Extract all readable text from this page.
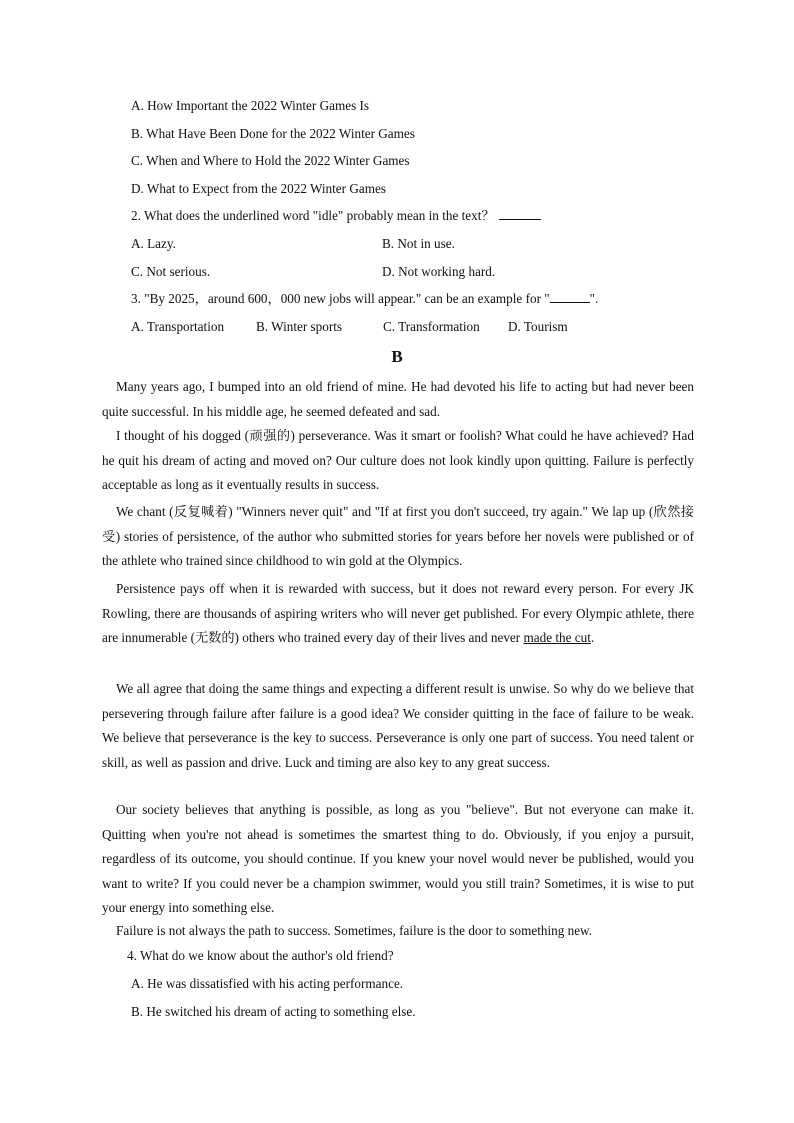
A. How Important the 2022 Winter Games Is
B. What Have Been Done for the 2022 Winter Games
C. When and Where to Hold the 2022 Winter Games
D. What to Expect from the 2022 Winter Games
2. What does the underlined word "idle" probably mean in the text？
A. Lazy.	B. Not in use.
C. Not serious.	D. Not working hard.
3. "By 2025，around 600，000 new jobs will appear." can be an example for "	".
A. Transportation B. Winter sports	C. Transformation D. Tourism
B

Many years ago, I bumped into an old friend of mine. He had devoted his life to acting but had never been quite successful. In his middle age, he seemed defeated and sad.

I thought of his dogged (顽强的) perseverance. Was it smart or foolish? What could he have achieved? Had he quit his dream of acting and moved on? Our culture does not look kindly upon quitting. Failure is perfectly acceptable as long as it eventually results in success.

We chant (反复喊着) "Winners never quit" and "If at first you don't succeed, try again." We lap up (欣然接受) stories of persistence, of the author who submitted stories for years before her novels were published or of the athlete who trained since childhood to win gold at the Olympics.

Persistence pays off when it is rewarded with success, but it does not reward every person. For every JK Rowling, there are thousands of aspiring writers who will never get published. For every Olympic athlete, there are innumerable (无数的) others who trained every day of their lives and never made the cut.

We all agree that doing the same things and expecting a different result is unwise. So why do we believe that persevering through failure after failure is a good idea? We consider quitting in the face of failure to be weak. We believe that perseverance is the key to success. Perseverance is only one part of success. You need talent or skill, as well as passion and drive. Luck and timing are also key to any great success.

Our society believes that anything is possible, as long as you "believe". But not everyone can make it. Quitting when you're not ahead is sometimes the smartest thing to do. Obviously, if you enjoy a pursuit, regardless of its outcome, you should continue. If you knew your novel would never be published, would you want to write? If you could never be a champion swimmer, would you still train? Sometimes, it is wise to put your energy into something else.

Failure is not always the path to success. Sometimes, failure is the door to something new.

4. What do we know about the author's old friend?
A. He was dissatisfied with his acting performance.
B. He switched his dream of acting to something else.
